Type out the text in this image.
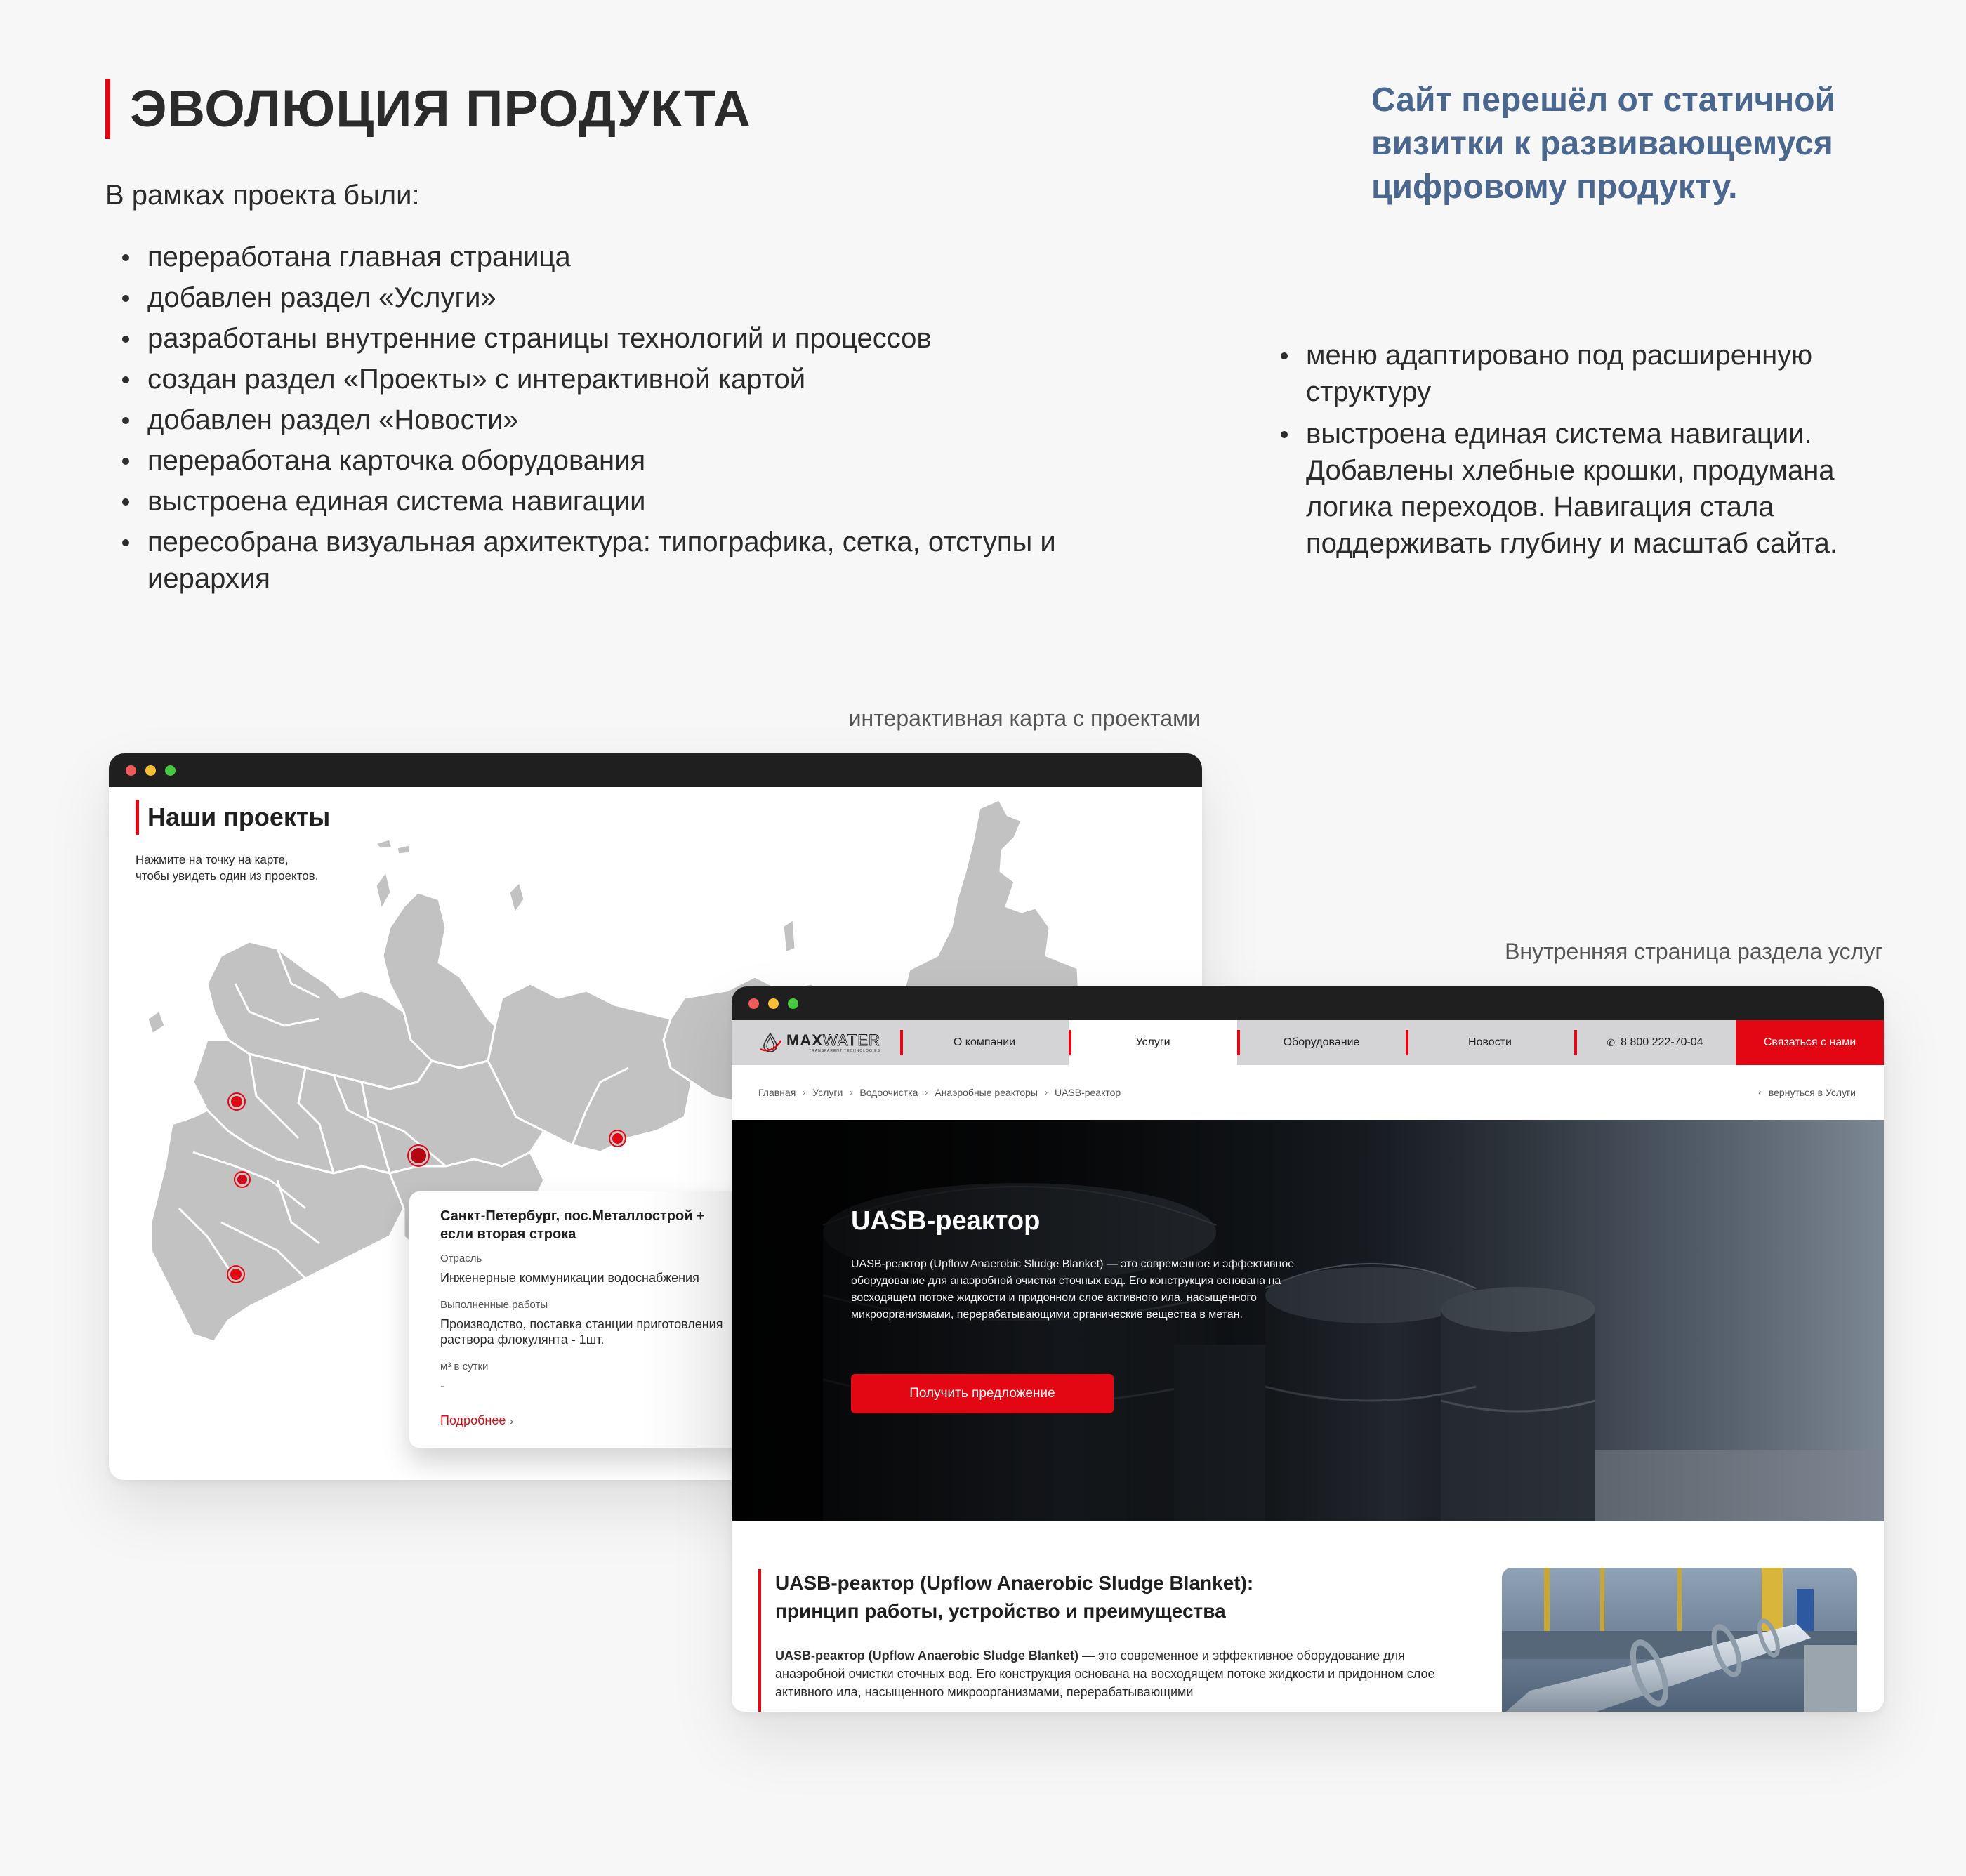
ЭВОЛЮЦИЯ ПРОДУКТА

В рамках проекта были:

переработана главная страница
добавлен раздел «Услуги»
разработаны внутренние страницы технологий и процессов
создан раздел «Проекты» с интерактивной картой
добавлен раздел «Новости»
переработана карточка оборудования
выстроена единая система навигации
пересобрана визуальная архитектура: типографика, сетка, отступы и иерархия

Сайт перешёл от статичной визитки к развивающемуся цифровому продукту.

меню адаптировано под расширенную структуру
выстроена единая система навигации. Добавлены хлебные крошки, продумана логика переходов. Навигация стала поддерживать глубину и масштаб сайта.
интерактивная карта с проектами
Внутренняя страница раздела услуг
Наши проекты
Нажмите на точку на карте,
чтобы увидеть один из проектов.
Санкт-Петербург, пос.Металлострой + если вторая строка
Отрасль
Инженерные коммуникации водоснабжения
Выполненные работы
Производство, поставка станции приготовления раствора флокулянта - 1шт.
м³ в сутки
-
Подробнее ›
MAXWATER
TRANSPARENT TECHNOLOGIES
О компании	Услуги	Оборудование	Новости	✆ 8 800 222-70-04	Связаться с нами
Главная › Услуги › Водоочистка › Анаэробные реакторы › UASB-реактор	‹ вернуться в Услуги
UASB-реактор

UASB-реактор (Upflow Anaerobic Sludge Blanket) — это современное и эффективное оборудование для анаэробной очистки сточных вод. Его конструкция основана на восходящем потоке жидкости и придонном слое активного ила, насыщенного микроорганизмами, перерабатывающими органические вещества в метан.

Получить предложение
UASB-реактор (Upflow Anaerobic Sludge Blanket):
принцип работы, устройство и преимущества

UASB-реактор (Upflow Anaerobic Sludge Blanket) — это современное и эффективное оборудование для анаэробной очистки сточных вод. Его конструкция основана на восходящем потоке жидкости и придонном слое активного ила, насыщенного микроорганизмами, перерабатывающими
